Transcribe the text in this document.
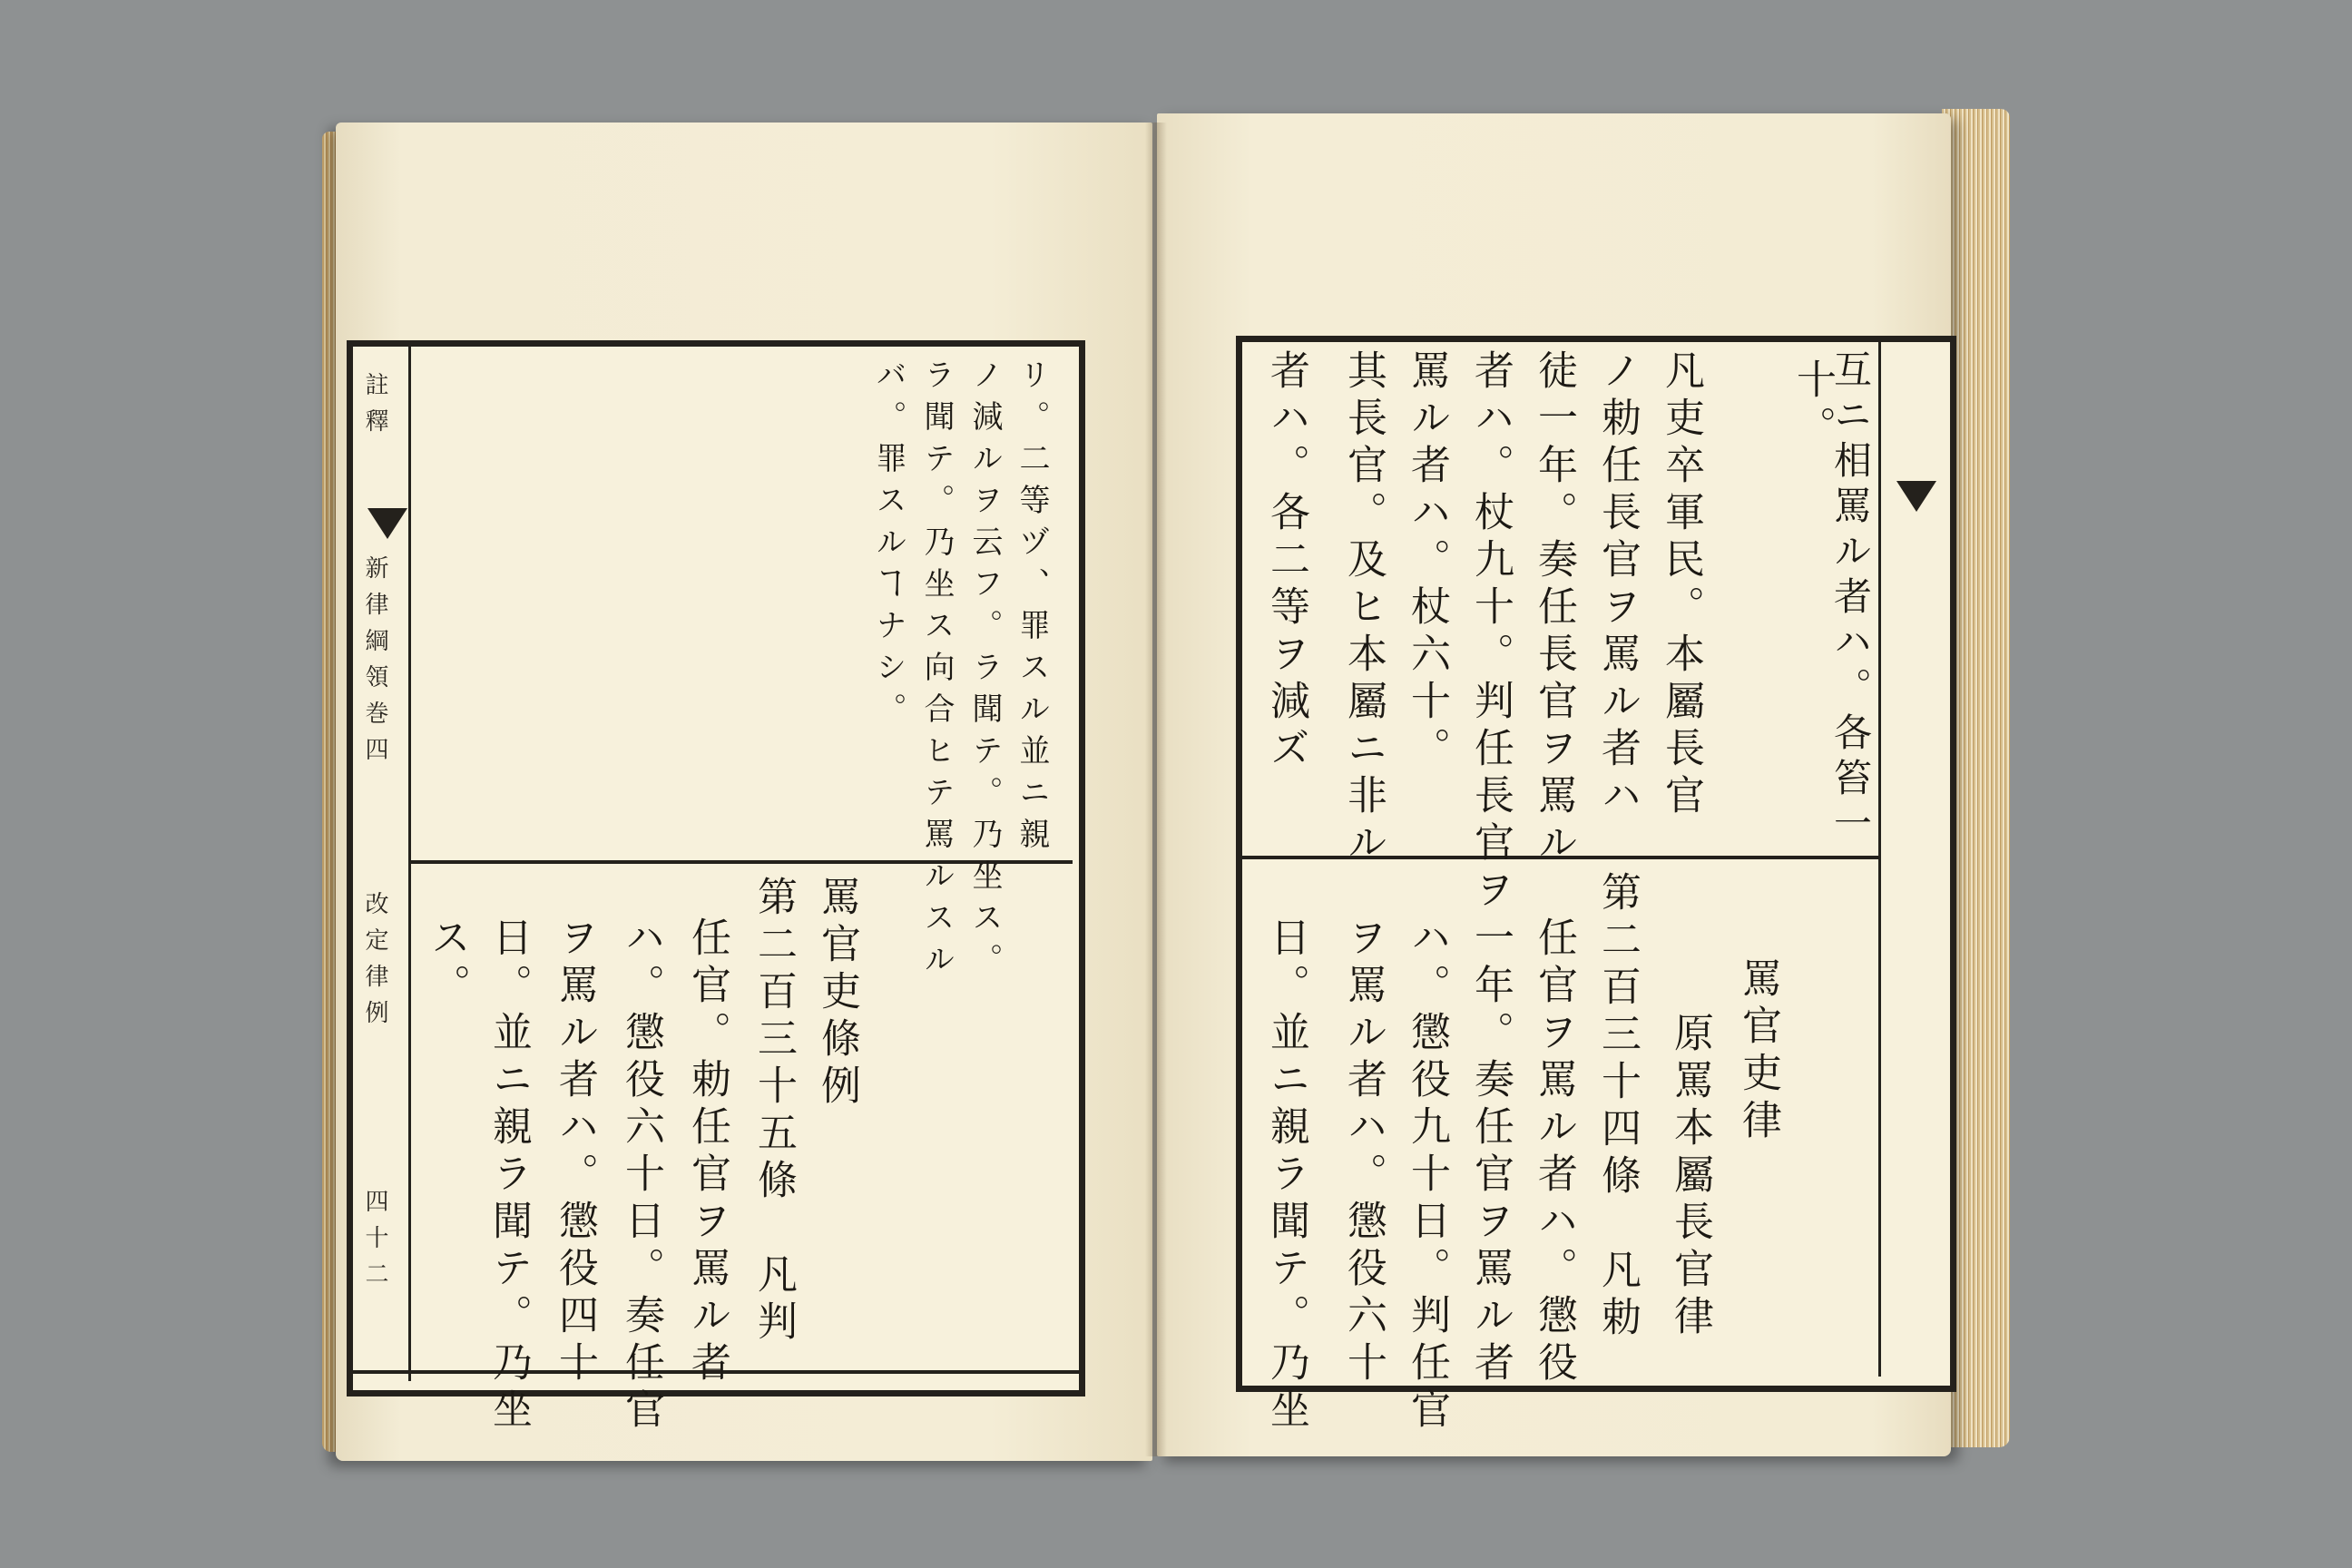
註釋
新律綱領巻四
改定律例
四十二
リ。二等ヅ、罪スル並ニ親
ノ減ルヲ云フ。ラ聞テ。乃坐ス。
ラ聞テ。乃坐ス向合ヒテ罵ルスル
バ。罪スルヿナシ。
罵官吏條例
第二百三十五條　凡判
任官。勅任官ヲ罵ル者
ハ。懲役六十日。奏任官
ヲ罵ル者ハ。懲役四十
日。並ニ親ラ聞テ。乃坐
ス。
十。
互ニ相罵ル者ハ。各笞一
凡吏卒軍民。本屬長官
ノ勅任長官ヲ罵ル者ハ
徒一年。奏任長官ヲ罵ル
者ハ。杖九十。判任長官ヲ
罵ル者ハ。杖六十。
其長官。及ヒ本屬ニ非ル
者ハ。各二等ヲ減ズ
罵官吏律
原罵本屬長官律
第二百三十四條　凡勅
任官ヲ罵ル者ハ。懲役
一年。奏任官ヲ罵ル者
ハ。懲役九十日。判任官
ヲ罵ル者ハ。懲役六十
日。並ニ親ラ聞テ。乃坐
